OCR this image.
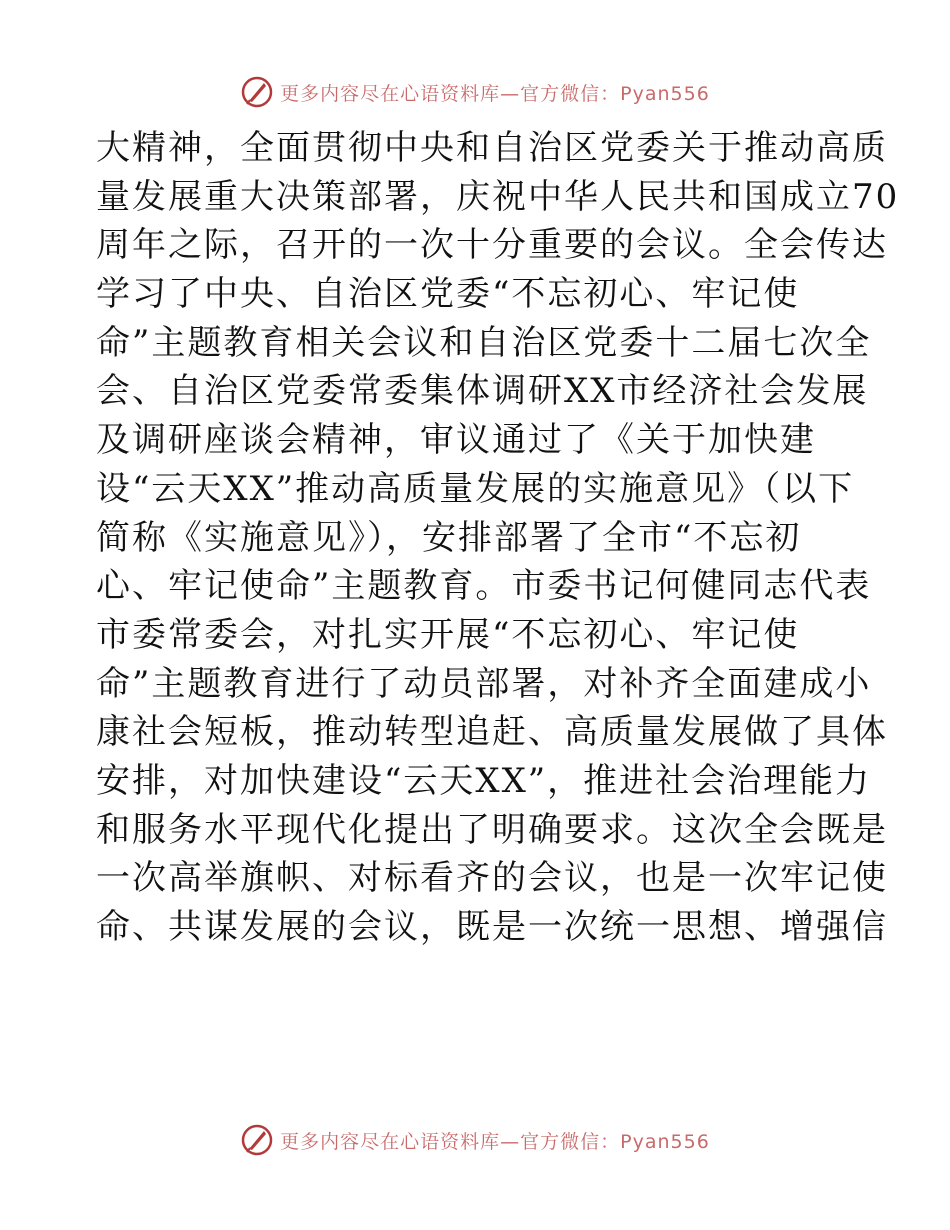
更多内容尽在心语资料库—官方微信：Pyan556
大精神，全面贯彻中央和自治区党委关于推动高质
量发展重大决策部署，庆祝中华人民共和国成立70
周年之际，召开的一次十分重要的会议。全会传达
学习了中央、自治区党委“不忘初心、牢记使
命”主题教育相关会议和自治区党委十二届七次全
会、自治区党委常委集体调研XX市经济社会发展
及调研座谈会精神，审议通过了《关于加快建
设“云天XX”推动高质量发展的实施意见》（以下
简称《实施意见》），安排部署了全市“不忘初
心、牢记使命”主题教育。市委书记何健同志代表
市委常委会，对扎实开展“不忘初心、牢记使
命”主题教育进行了动员部署，对补齐全面建成小
康社会短板，推动转型追赶、高质量发展做了具体
安排，对加快建设“云天XX”，推进社会治理能力
和服务水平现代化提出了明确要求。这次全会既是
一次高举旗帜、对标看齐的会议，也是一次牢记使
命、共谋发展的会议，既是一次统一思想、增强信
更多内容尽在心语资料库—官方微信：Pyan556
